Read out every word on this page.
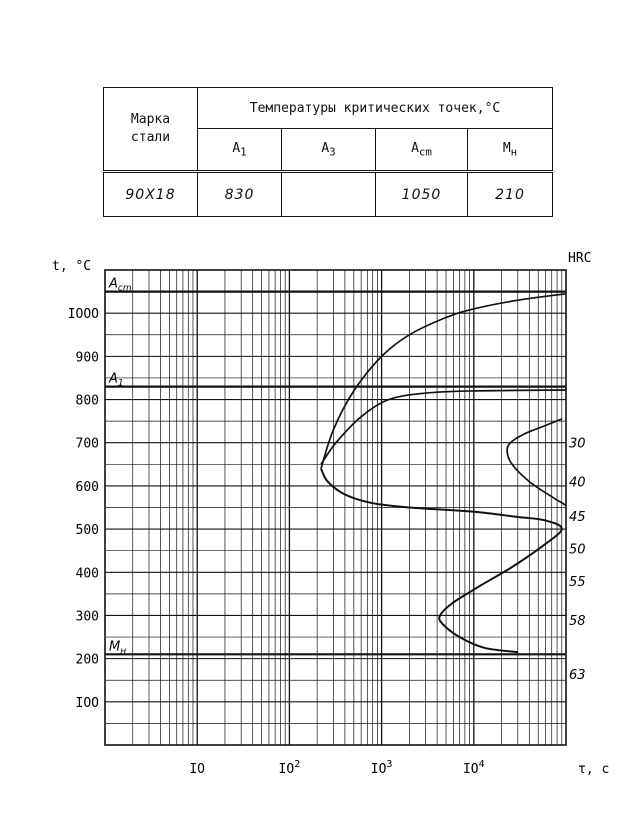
Марка
стали	Температуры критических точек,°С			
	$A_1$	$A_3$	$A_{cm}$	$M_н$
90Х18	830		1050	210
$A_{cm}$
$A_1$
$M_н$
IOO
200
300
400
500
600
700
800
900
IOOO
IO	$IO^2$	$IO^3$	$IO^4$
t, °С
τ, с
HRC
30
40
45
50
55
58
63
